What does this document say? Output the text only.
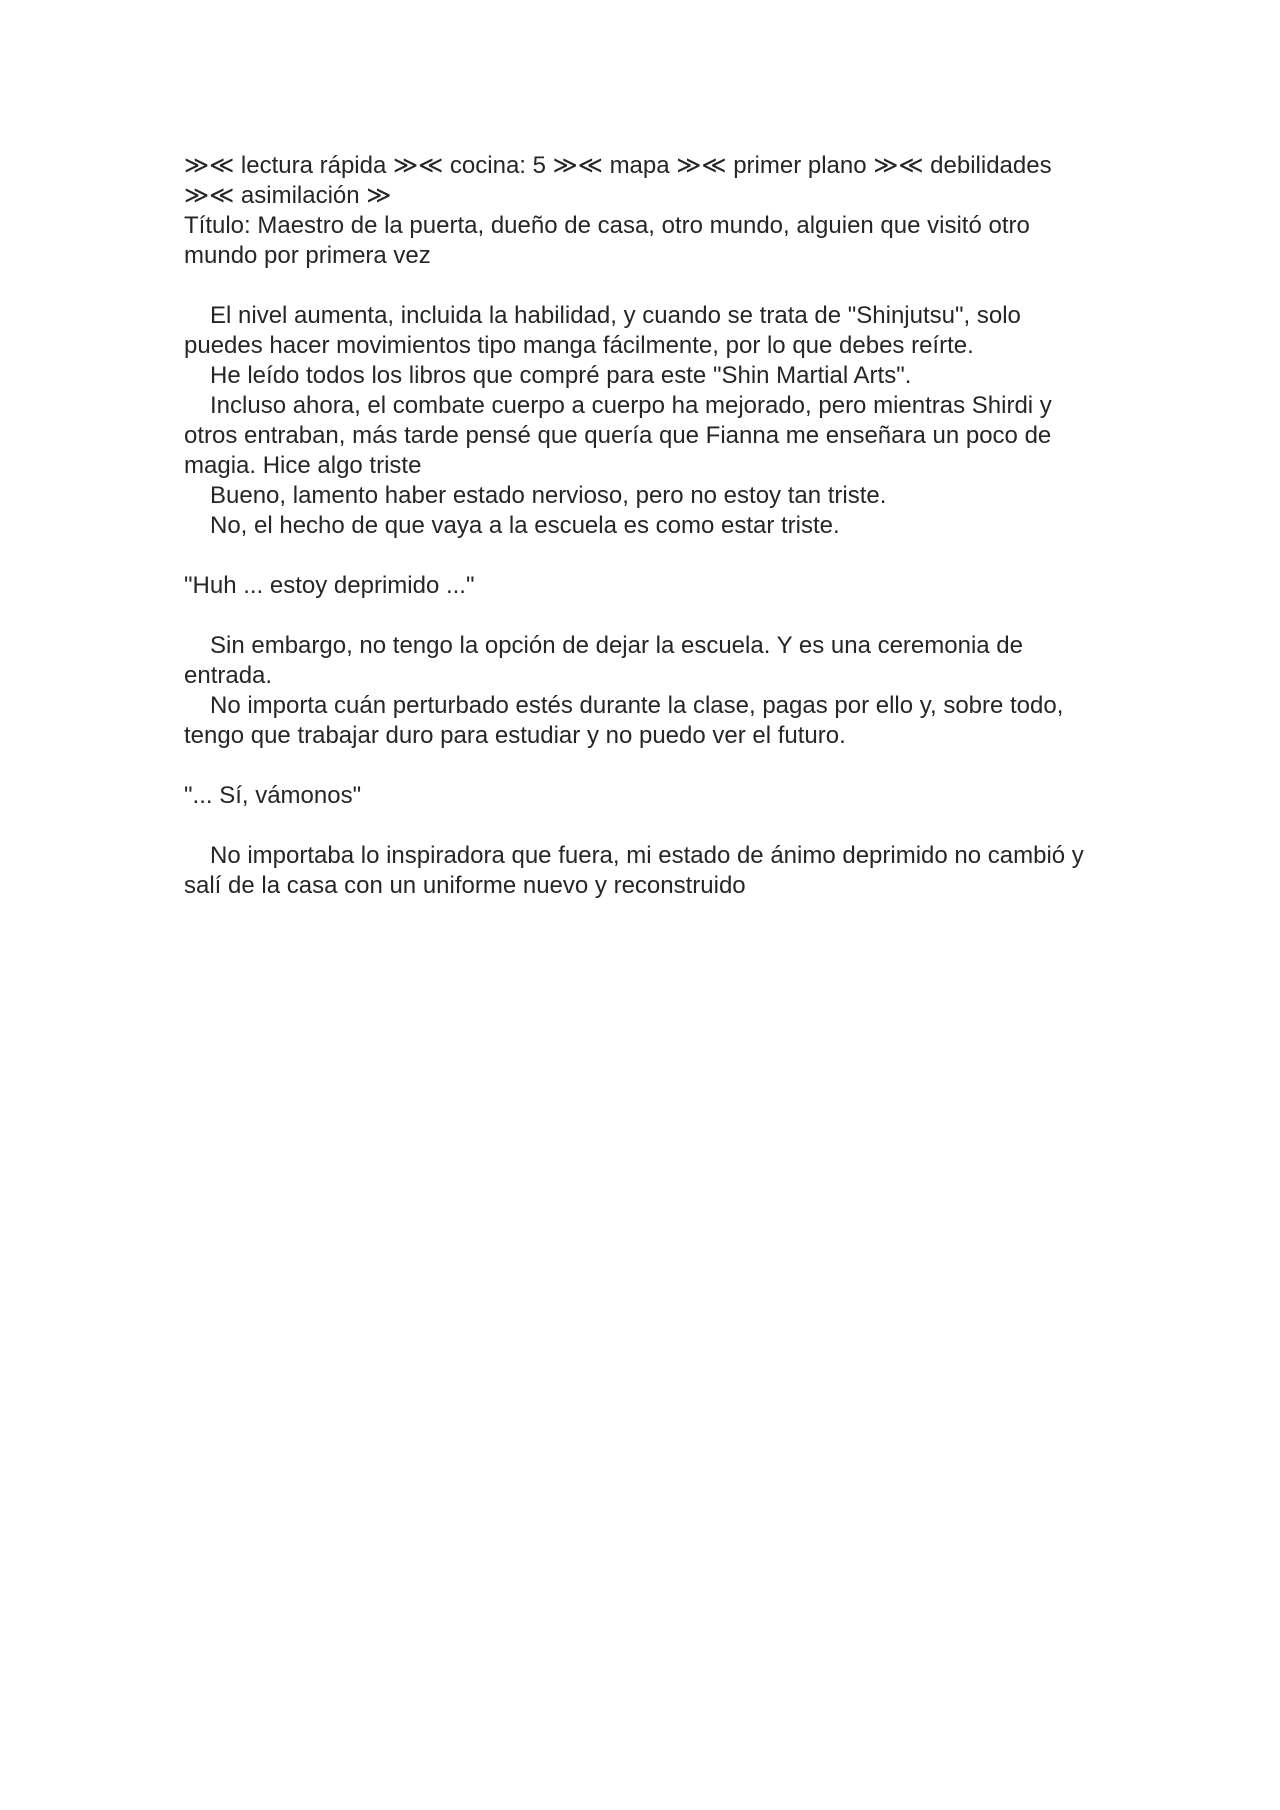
≫≪ lectura rápida ≫≪ cocina: 5 ≫≪ mapa ≫≪ primer plano ≫≪ debilidades ≫≪ asimilación ≫

Título: Maestro de la puerta, dueño de casa, otro mundo, alguien que visitó otro mundo por primera vez

El nivel aumenta, incluida la habilidad, y cuando se trata de "Shinjutsu", solo puedes hacer movimientos tipo manga fácilmente, por lo que debes reírte.

He leído todos los libros que compré para este "Shin Martial Arts".

Incluso ahora, el combate cuerpo a cuerpo ha mejorado, pero mientras Shirdi y otros entraban, más tarde pensé que quería que Fianna me enseñara un poco de magia. Hice algo triste

Bueno, lamento haber estado nervioso, pero no estoy tan triste.

No, el hecho de que vaya a la escuela es como estar triste.

"Huh ... estoy deprimido ..."

Sin embargo, no tengo la opción de dejar la escuela. Y es una ceremonia de entrada.

No importa cuán perturbado estés durante la clase, pagas por ello y, sobre todo, tengo que trabajar duro para estudiar y no puedo ver el futuro.

"... Sí, vámonos"

No importaba lo inspiradora que fuera, mi estado de ánimo deprimido no cambió y salí de la casa con un uniforme nuevo y reconstruido
